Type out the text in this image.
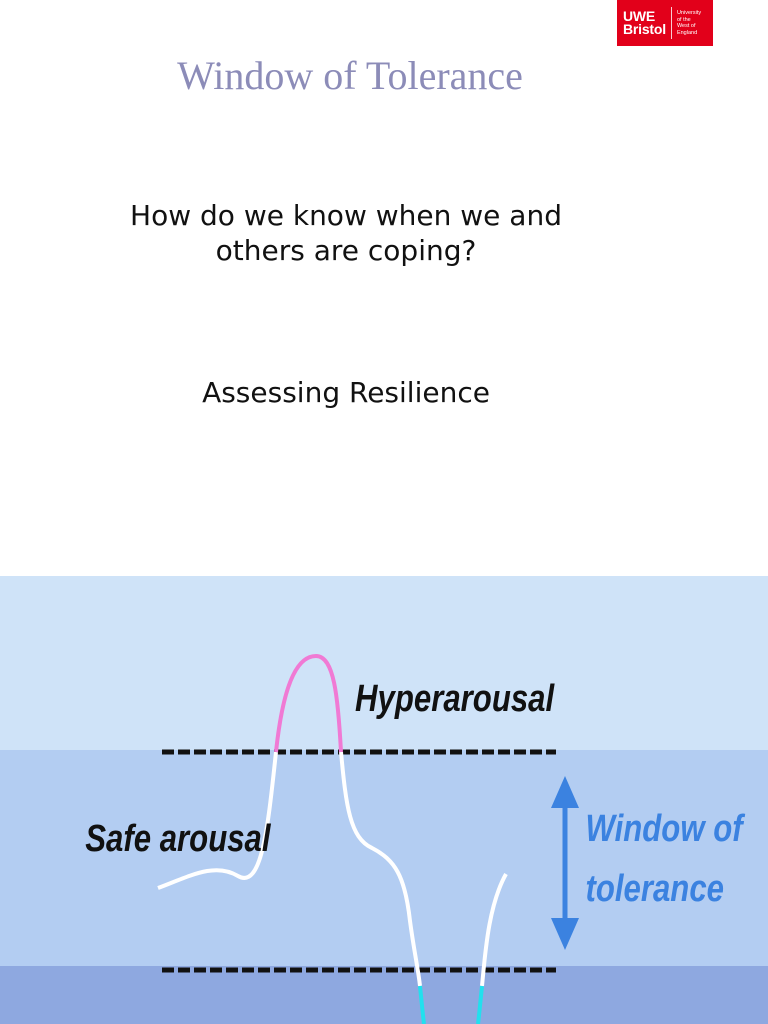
UWE
Bristol
University
of the
West of
England
Window of Tolerance
How do we know when we and
others are coping?
Assessing Resilience
Hyperarousal
Safe arousal	Window of
tolerance
